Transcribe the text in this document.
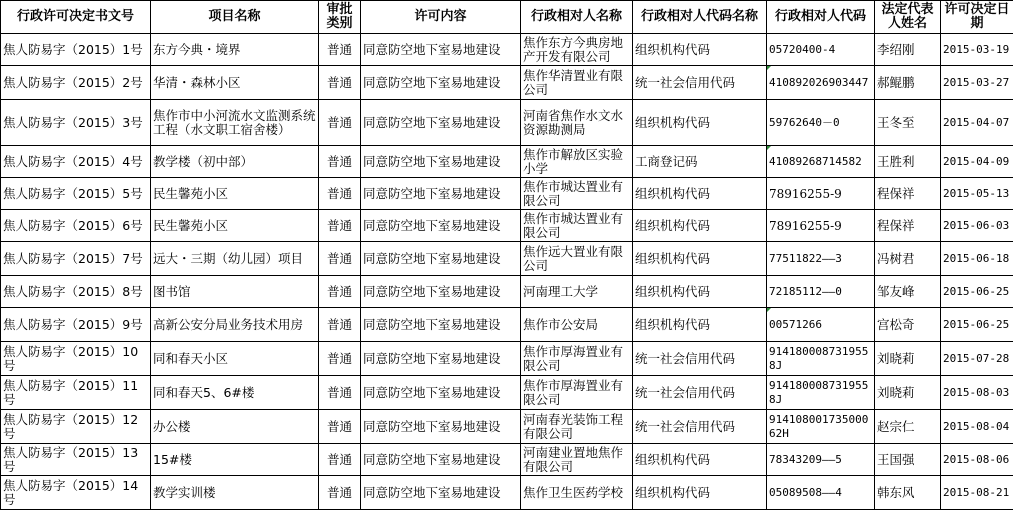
行政许可决定书文号	项目名称	审批类别	许可内容	行政相对人名称	行政相对人代码名称	行政相对人代码	法定代表人姓名	许可决定日期
焦人防易字（2015）1号	东方今典・境界	普通	同意防空地下室易地建设	焦作东方今典房地产开发有限公司	组织机构代码	05720400-4	李绍刚	2015-03-19
焦人防易字（2015）2号	华清・森林小区	普通	同意防空地下室易地建设	焦作华清置业有限公司	统一社会信用代码	410892026903447	郝鲲鹏	2015-03-27
焦人防易字（2015）3号	焦作市中小河流水文监测系统工程（水文职工宿舍楼）	普通	同意防空地下室易地建设	河南省焦作水文水资源勘测局	组织机构代码	59762640－0	王冬至	2015-04-07
焦人防易字（2015）4号	教学楼（初中部）	普通	同意防空地下室易地建设	焦作市解放区实验小学	工商登记码	41089268714582	王胜利	2015-04-09
焦人防易字（2015）5号	民生馨苑小区	普通	同意防空地下室易地建设	焦作市城达置业有限公司	组织机构代码	78916255-9	程保祥	2015-05-13
焦人防易字（2015）6号	民生馨苑小区	普通	同意防空地下室易地建设	焦作市城达置业有限公司	组织机构代码	78916255-9	程保祥	2015-06-03
焦人防易字（2015）7号	远大・三期（幼儿园）项目	普通	同意防空地下室易地建设	焦作远大置业有限公司	组织机构代码	77511822——3	冯树君	2015-06-18
焦人防易字（2015）8号	图书馆	普通	同意防空地下室易地建设	河南理工大学	组织机构代码	72185112——0	邹友峰	2015-06-25
焦人防易字（2015）9号	高新公安分局业务技术用房	普通	同意防空地下室易地建设	焦作市公安局	组织机构代码	00571266	宫松奇	2015-06-25
焦人防易字（2015）10号	同和春天小区	普通	同意防空地下室易地建设	焦作市厚海置业有限公司	统一社会信用代码	9141800087319558J	刘晓莉	2015-07-28
焦人防易字（2015）11号	同和春天5、6#楼	普通	同意防空地下室易地建设	焦作市厚海置业有限公司	统一社会信用代码	9141800087319558J	刘晓莉	2015-08-03
焦人防易字（2015）12号	办公楼	普通	同意防空地下室易地建设	河南春光装饰工程有限公司	统一社会信用代码	914108001735000 62H	赵宗仁	2015-08-04
焦人防易字（2015）13号	15#楼	普通	同意防空地下室易地建设	河南建业置地焦作有限公司	组织机构代码	78343209——5	王国强	2015-08-06
焦人防易字（2015）14号	教学实训楼	普通	同意防空地下室易地建设	焦作卫生医药学校	组织机构代码	05089508——4	韩东风	2015-08-21
